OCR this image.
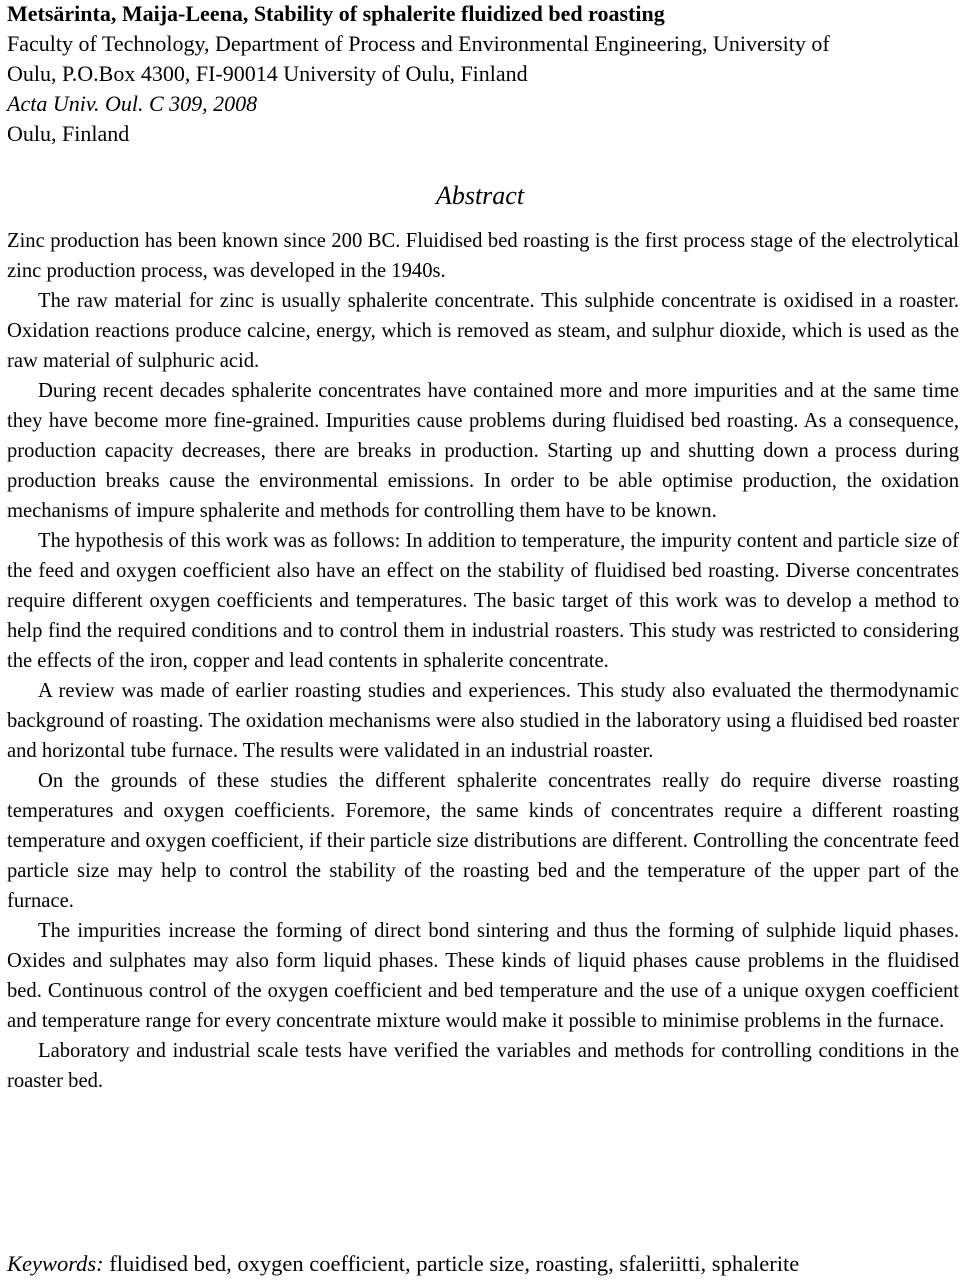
Metsärinta, Maija-Leena, Stability of sphalerite fluidized bed roasting
Faculty of Technology, Department of Process and Environmental Engineering, University of
Oulu, P.O.Box 4300, FI-90014 University of Oulu, Finland
Acta Univ. Oul. C 309, 2008
Oulu, Finland
Abstract

Zinc production has been known since 200 BC. Fluidised bed roasting is the first process stage of the electrolytical zinc production process, was developed in the 1940s.

The raw material for zinc is usually sphalerite concentrate. This sulphide concentrate is oxidised in a roaster. Oxidation reactions produce calcine, energy, which is removed as steam, and sulphur dioxide, which is used as the raw material of sulphuric acid.

During recent decades sphalerite concentrates have contained more and more impurities and at the same time they have become more fine-grained. Impurities cause problems during fluidised bed roasting. As a consequence, production capacity decreases, there are breaks in production. Starting up and shutting down a process during production breaks cause the environmental emissions. In order to be able optimise production, the oxidation mechanisms of impure sphalerite and methods for controlling them have to be known.

The hypothesis of this work was as follows: In addition to temperature, the impurity content and particle size of the feed and oxygen coefficient also have an effect on the stability of fluidised bed roasting. Diverse concentrates require different oxygen coefficients and temperatures. The basic target of this work was to develop a method to help find the required conditions and to control them in industrial roasters. This study was restricted to considering the effects of the iron, copper and lead contents in sphalerite concentrate.

A review was made of earlier roasting studies and experiences. This study also evaluated the thermodynamic background of roasting. The oxidation mechanisms were also studied in the laboratory using a fluidised bed roaster and horizontal tube furnace. The results were validated in an industrial roaster.

On the grounds of these studies the different sphalerite concentrates really do require diverse roasting temperatures and oxygen coefficients. Foremore, the same kinds of concentrates require a different roasting temperature and oxygen coefficient, if their particle size distributions are different. Controlling the concentrate feed particle size may help to control the stability of the roasting bed and the temperature of the upper part of the furnace.

The impurities increase the forming of direct bond sintering and thus the forming of sulphide liquid phases. Oxides and sulphates may also form liquid phases. These kinds of liquid phases cause problems in the fluidised bed. Continuous control of the oxygen coefficient and bed temperature and the use of a unique oxygen coefficient and temperature range for every concentrate mixture would make it possible to minimise problems in the furnace.

Laboratory and industrial scale tests have verified the variables and methods for controlling conditions in the roaster bed.

Keywords: fluidised bed, oxygen coefficient, particle size, roasting, sfaleriitti, sphalerite
